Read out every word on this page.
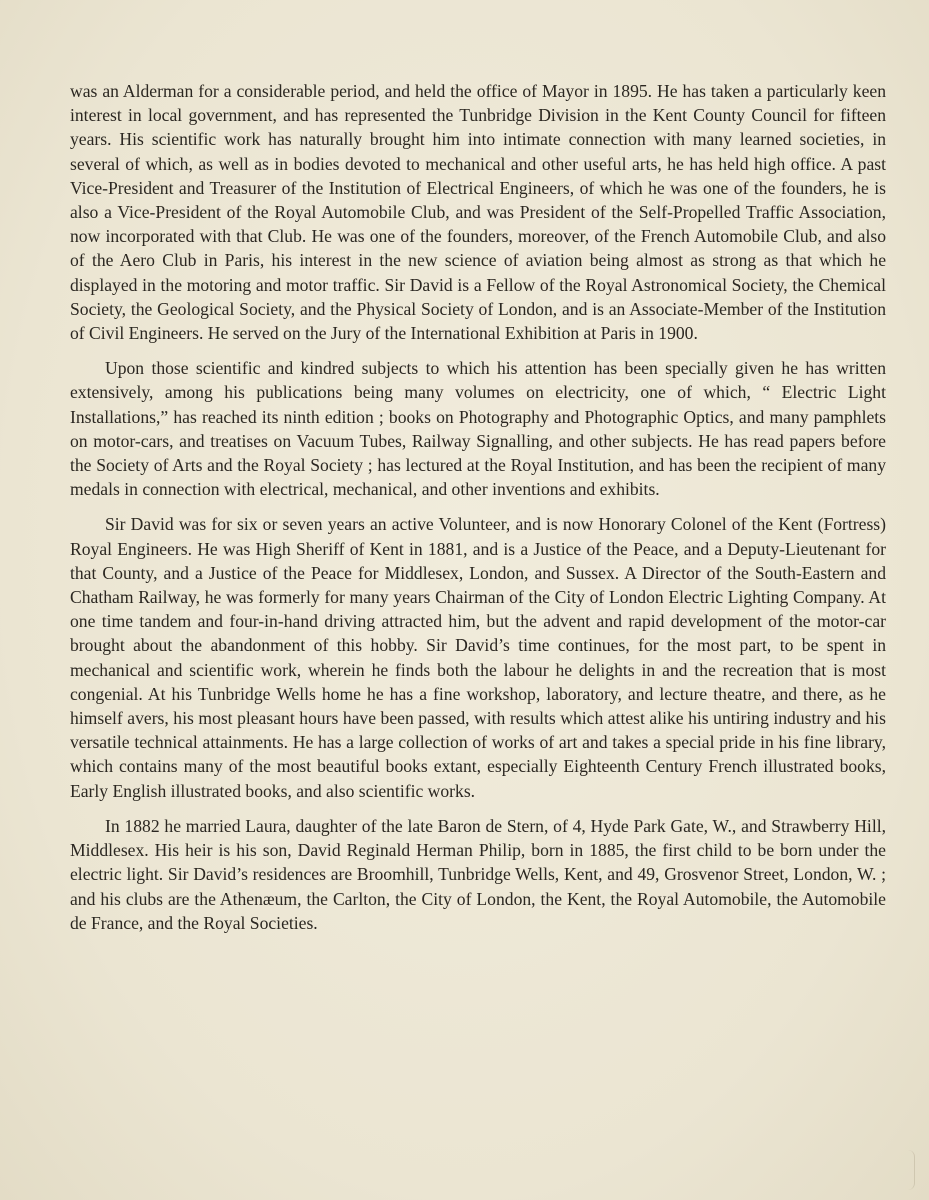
was an Alderman for a considerable period, and held the office of Mayor in 1895. He has taken a particularly keen interest in local government, and has represented the Tunbridge Division in the Kent County Council for fifteen years. His scientific work has naturally brought him into intimate connection with many learned societies, in several of which, as well as in bodies devoted to mechanical and other useful arts, he has held high office. A past Vice-President and Treasurer of the Institution of Electrical Engineers, of which he was one of the founders, he is also a Vice-President of the Royal Automobile Club, and was President of the Self-Propelled Traffic Association, now incorporated with that Club. He was one of the founders, moreover, of the French Automobile Club, and also of the Aero Club in Paris, his interest in the new science of aviation being almost as strong as that which he displayed in the motoring and motor traffic. Sir David is a Fellow of the Royal Astronomical Society, the Chemical Society, the Geological Society, and the Physical Society of London, and is an Associate-Member of the Institution of Civil Engineers. He served on the Jury of the International Exhibition at Paris in 1900.

Upon those scientific and kindred subjects to which his attention has been specially given he has written extensively, among his publications being many volumes on electricity, one of which, “ Electric Light Installations,” has reached its ninth edition ; books on Photography and Photographic Optics, and many pamphlets on motor-cars, and treatises on Vacuum Tubes, Railway Signalling, and other subjects. He has read papers before the Society of Arts and the Royal Society ; has lectured at the Royal Institution, and has been the recipient of many medals in connection with electrical, mechanical, and other inventions and exhibits.

Sir David was for six or seven years an active Volunteer, and is now Honorary Colonel of the Kent (Fortress) Royal Engineers. He was High Sheriff of Kent in 1881, and is a Justice of the Peace, and a Deputy-Lieutenant for that County, and a Justice of the Peace for Middlesex, London, and Sussex. A Director of the South-Eastern and Chatham Railway, he was formerly for many years Chairman of the City of London Electric Lighting Company. At one time tandem and four-in-hand driving attracted him, but the advent and rapid development of the motor-car brought about the abandonment of this hobby. Sir David’s time continues, for the most part, to be spent in mechanical and scientific work, wherein he finds both the labour he delights in and the recreation that is most congenial. At his Tunbridge Wells home he has a fine workshop, laboratory, and lecture theatre, and there, as he himself avers, his most pleasant hours have been passed, with results which attest alike his untiring industry and his versatile technical attainments. He has a large collection of works of art and takes a special pride in his fine library, which contains many of the most beautiful books extant, especially Eighteenth Century French illustrated books, Early English illustrated books, and also scientific works.

In 1882 he married Laura, daughter of the late Baron de Stern, of 4, Hyde Park Gate, W., and Strawberry Hill, Middlesex. His heir is his son, David Reginald Herman Philip, born in 1885, the first child to be born under the electric light. Sir David’s residences are Broomhill, Tunbridge Wells, Kent, and 49, Grosvenor Street, London, W. ; and his clubs are the Athenæum, the Carlton, the City of London, the Kent, the Royal Automobile, the Automobile de France, and the Royal Societies.
